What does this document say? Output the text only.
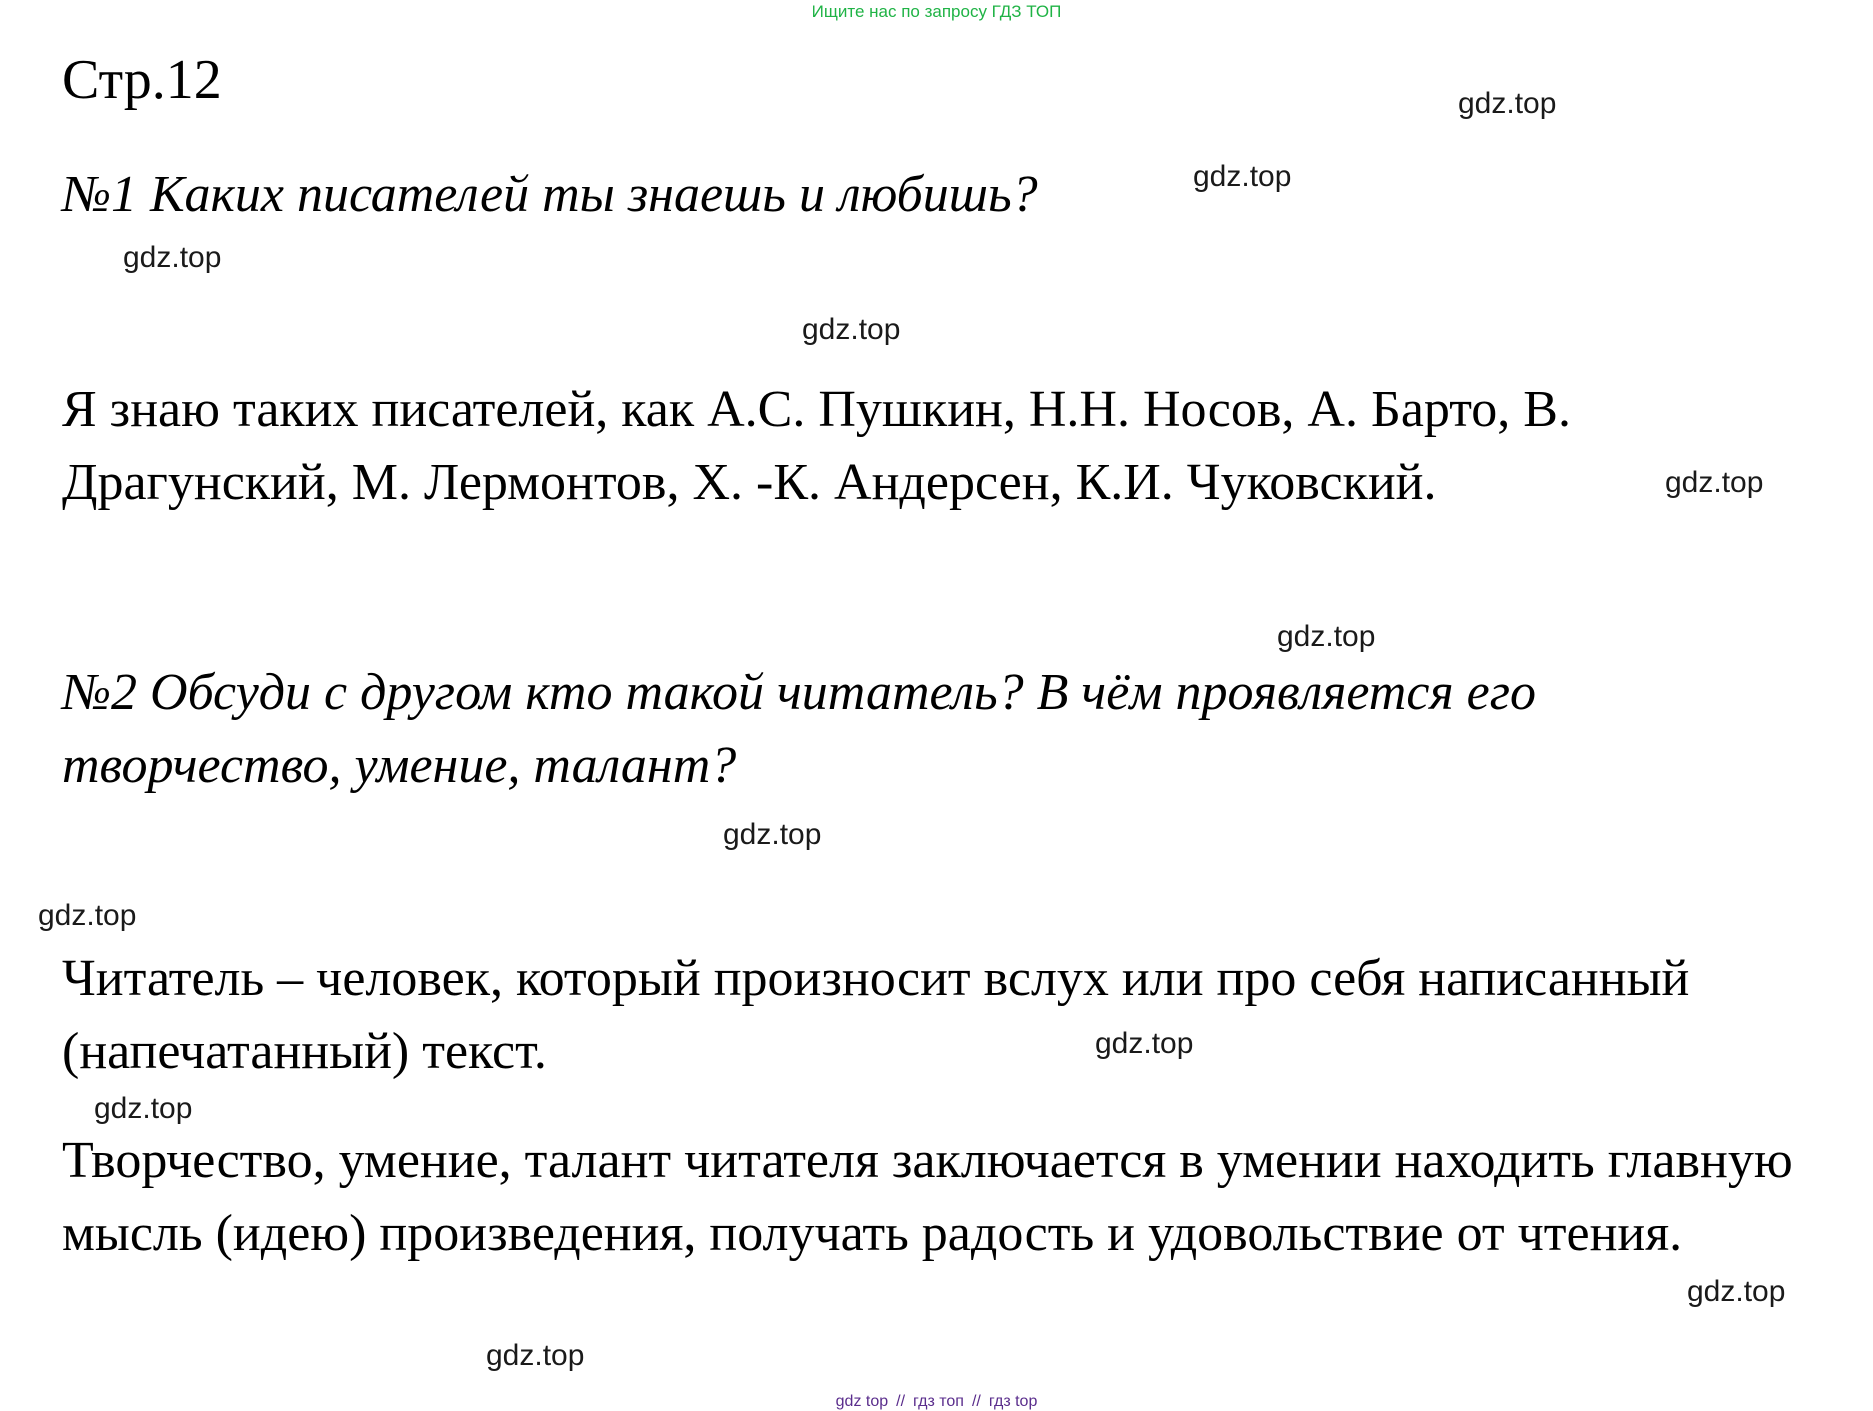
Ищите нас по запросу ГДЗ ТОП
Стр.12
№1 Каких писателей ты знаешь и любишь?
Я знаю таких писателей, как А.С. Пушкин, Н.Н. Носов, А. Барто, В. Драгунский, М. Лермонтов, Х. -К. Андерсен, К.И. Чуковский.
№2 Обсуди с другом кто такой читатель? В чём проявляется его творчество, умение, талант?
Читатель – человек, который произносит вслух или про себя написанный (напечатанный) текст.
Творчество, умение, талант читателя заключается в умении находить главную мысль (идею) произведения, получать радость и удовольствие от чтения.
gdz.top
gdz.top
gdz.top
gdz.top
gdz.top
gdz.top
gdz.top
gdz.top
gdz.top
gdz.top
gdz.top
gdz.top
gdz top // гдз топ // гдз top
